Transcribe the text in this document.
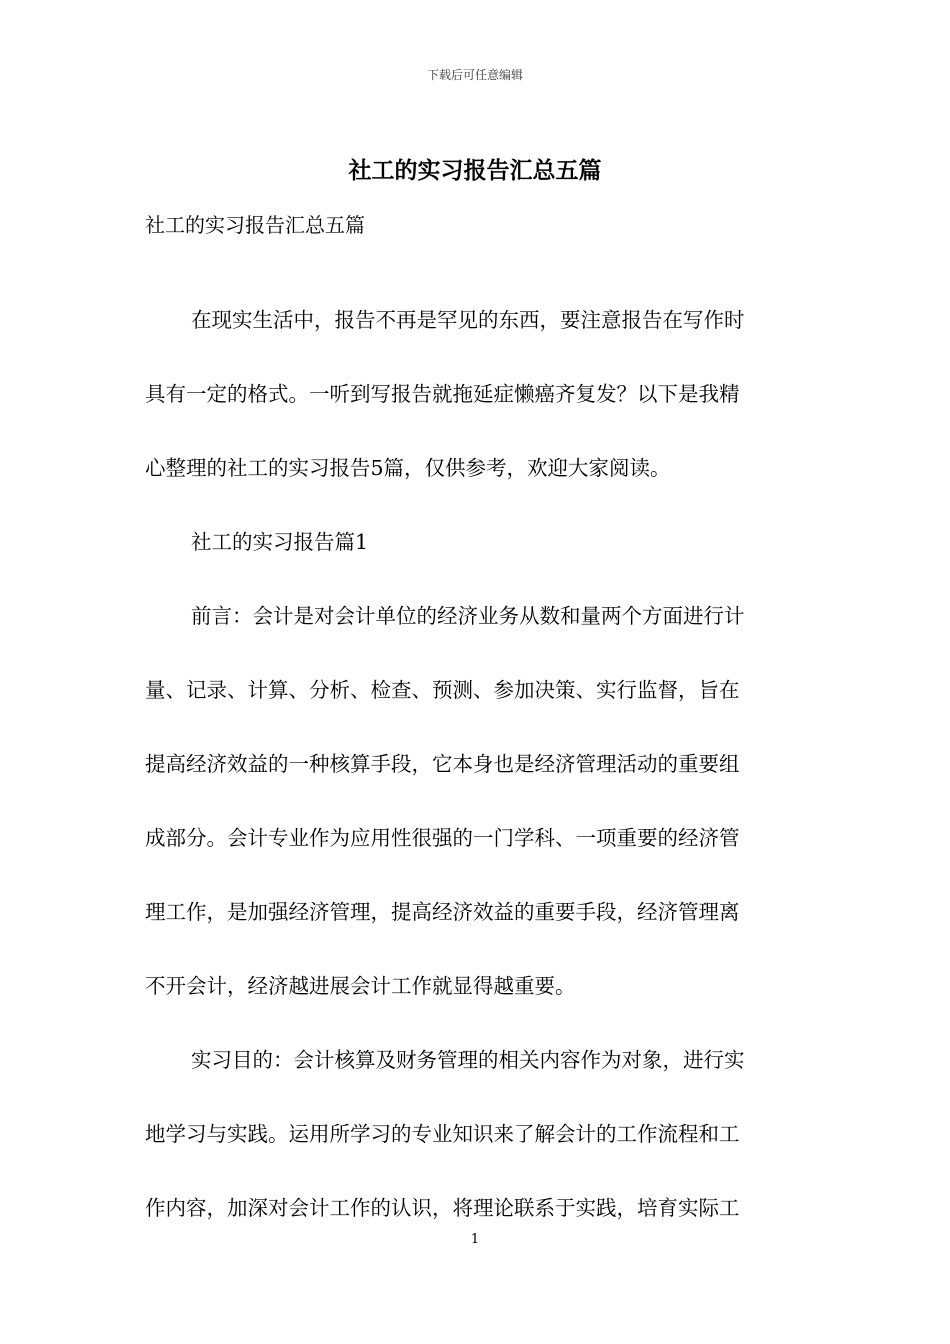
下载后可任意编辑
社工的实习报告汇总五篇

社工的实习报告汇总五篇

在现实生活中，报告不再是罕见的东西，要注意报告在写作时
具有一定的格式。一听到写报告就拖延症懒癌齐复发？以下是我精
心整理的社工的实习报告5篇，仅供参考，欢迎大家阅读。

社工的实习报告篇1

前言：会计是对会计单位的经济业务从数和量两个方面进行计
量、记录、计算、分析、检查、预测、参加决策、实行监督，旨在
提高经济效益的一种核算手段，它本身也是经济管理活动的重要组
成部分。会计专业作为应用性很强的一门学科、一项重要的经济管
理工作，是加强经济管理，提高经济效益的重要手段，经济管理离
不开会计，经济越进展会计工作就显得越重要。

实习目的：会计核算及财务管理的相关内容作为对象，进行实
地学习与实践。运用所学习的专业知识来了解会计的工作流程和工
作内容，加深对会计工作的认识，将理论联系于实践，培育实际工

1
